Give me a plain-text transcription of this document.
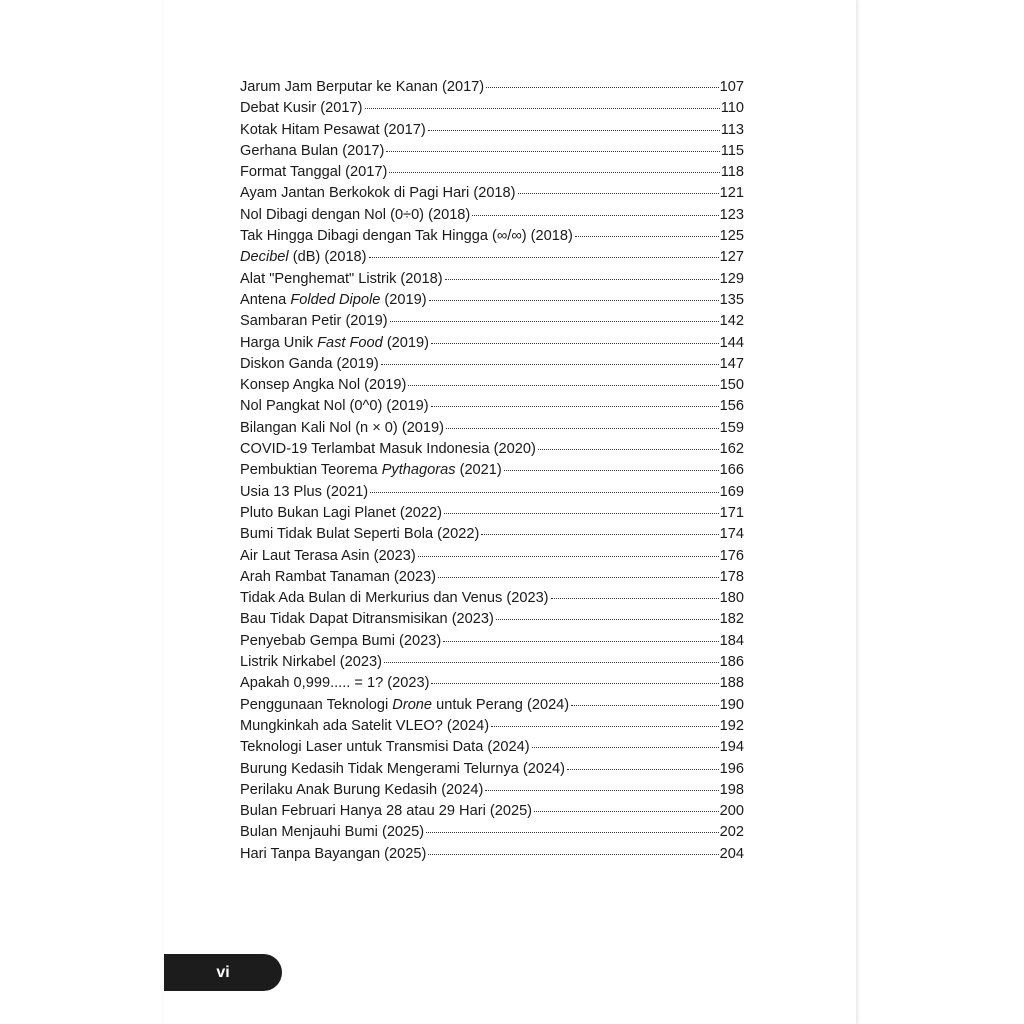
Jarum Jam Berputar ke Kanan (2017)	107
Debat Kusir (2017)	110
Kotak Hitam Pesawat (2017)	113
Gerhana Bulan (2017)	115
Format Tanggal (2017)	118
Ayam Jantan Berkokok di Pagi Hari (2018)	121
Nol Dibagi dengan Nol (0÷0) (2018)	123
Tak Hingga Dibagi dengan Tak Hingga (∞/∞) (2018)	125
Decibel (dB) (2018)	127
Alat "Penghemat" Listrik (2018)	129
Antena Folded Dipole (2019)	135
Sambaran Petir (2019)	142
Harga Unik Fast Food (2019)	144
Diskon Ganda (2019)	147
Konsep Angka Nol (2019)	150
Nol Pangkat Nol (0^0) (2019)	156
Bilangan Kali Nol (n × 0) (2019)	159
COVID-19 Terlambat Masuk Indonesia (2020)	162
Pembuktian Teorema Pythagoras (2021)	166
Usia 13 Plus (2021)	169
Pluto Bukan Lagi Planet (2022)	171
Bumi Tidak Bulat Seperti Bola (2022)	174
Air Laut Terasa Asin (2023)	176
Arah Rambat Tanaman (2023)	178
Tidak Ada Bulan di Merkurius dan Venus (2023)	180
Bau Tidak Dapat Ditransmisikan (2023)	182
Penyebab Gempa Bumi (2023)	184
Listrik Nirkabel (2023)	186
Apakah 0,999..... = 1? (2023)	188
Penggunaan Teknologi Drone untuk Perang (2024)	190
Mungkinkah ada Satelit VLEO? (2024)	192
Teknologi Laser untuk Transmisi Data (2024)	194
Burung Kedasih Tidak Mengerami Telurnya (2024)	196
Perilaku Anak Burung Kedasih (2024)	198
Bulan Februari Hanya 28 atau 29 Hari (2025)	200
Bulan Menjauhi Bumi (2025)	202
Hari Tanpa Bayangan (2025)	204
vi
